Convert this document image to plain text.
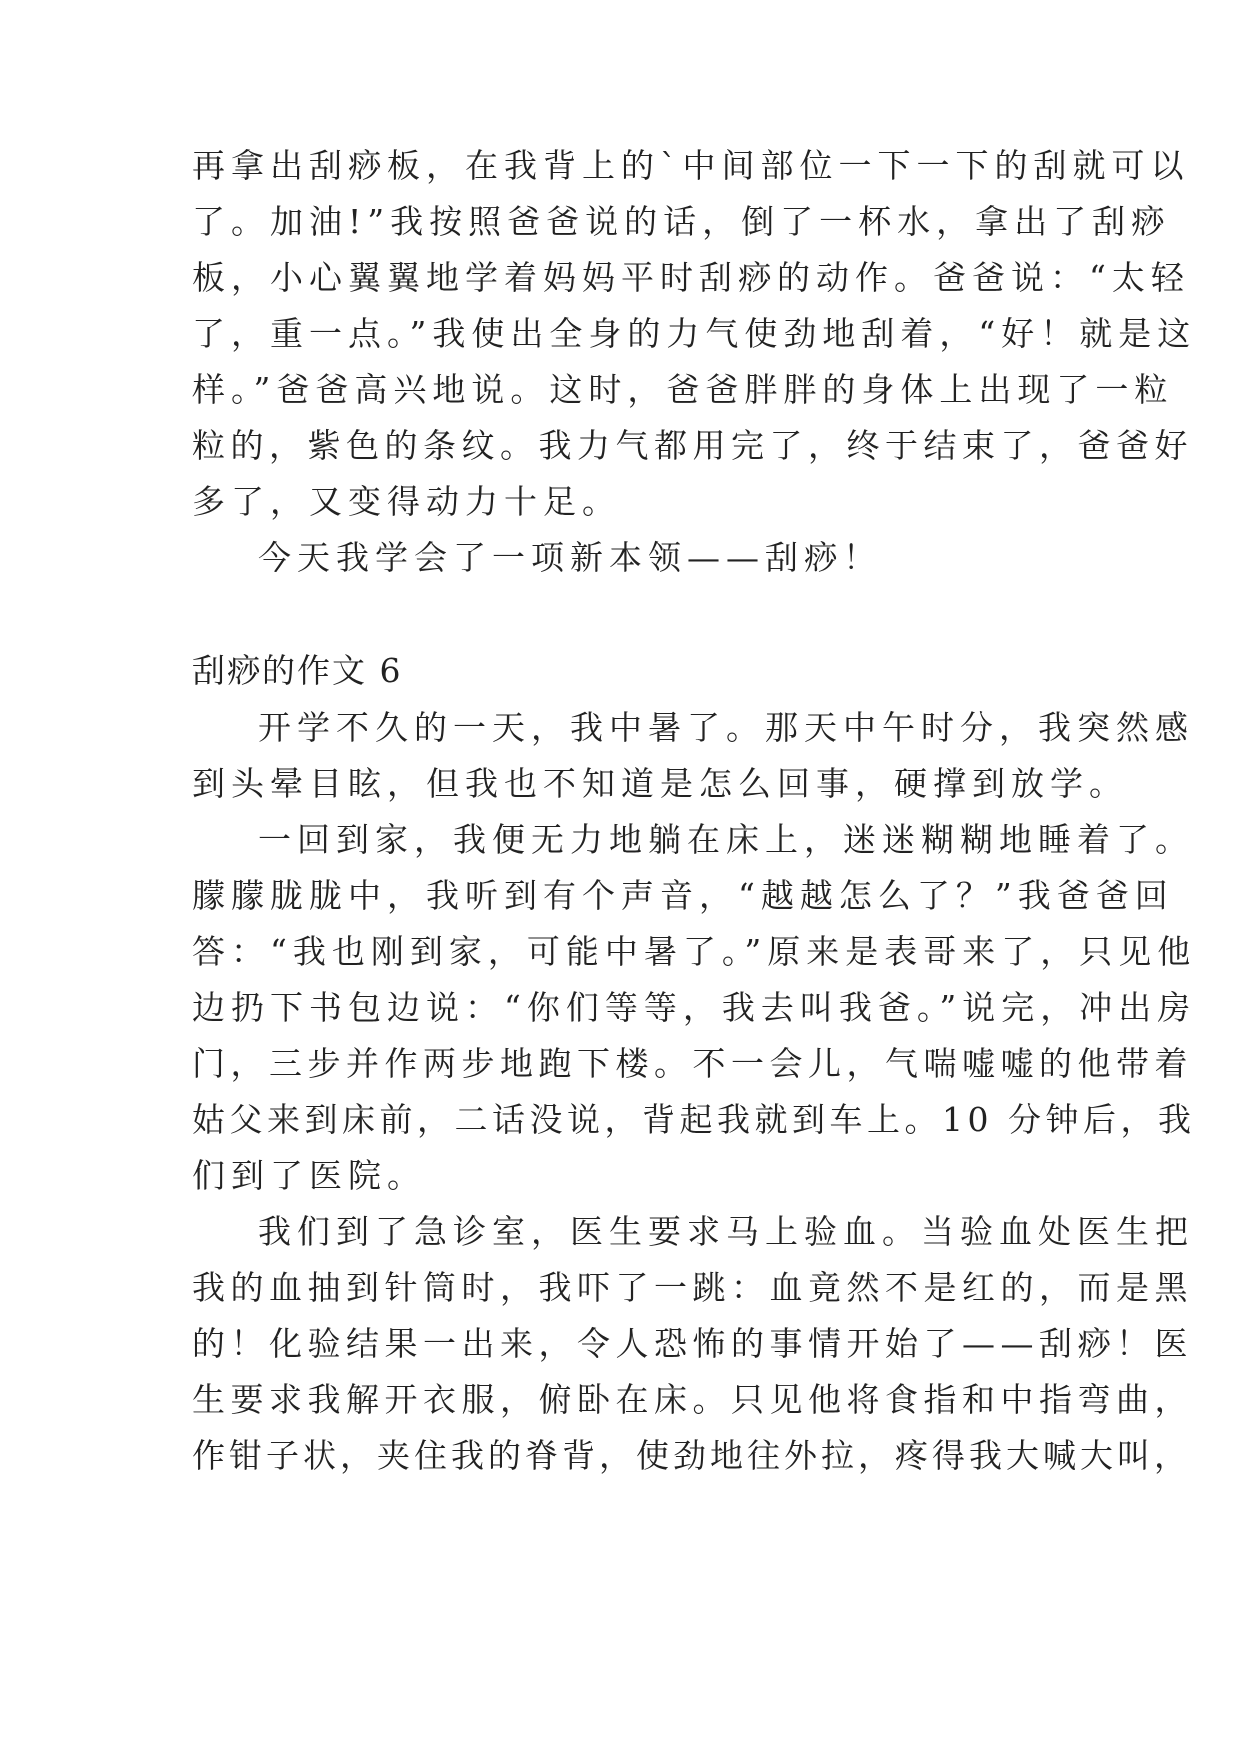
再拿出刮痧板，在我背上的`中间部位一下一下的刮就可以
了。加油!”我按照爸爸说的话，倒了一杯水，拿出了刮痧
板，小心翼翼地学着妈妈平时刮痧的动作。爸爸说：“太轻
了，重一点。”我使出全身的力气使劲地刮着，“好！就是这
样。”爸爸高兴地说。这时，爸爸胖胖的身体上出现了一粒
粒的，紫色的条纹。我力气都用完了，终于结束了，爸爸好
多了，又变得动力十足。
今天我学会了一项新本领——刮痧！
刮痧的作文 6
开学不久的一天，我中暑了。那天中午时分，我突然感
到头晕目眩，但我也不知道是怎么回事，硬撑到放学。
一回到家，我便无力地躺在床上，迷迷糊糊地睡着了。
朦朦胧胧中，我听到有个声音，“越越怎么了？”我爸爸回
答：“我也刚到家，可能中暑了。”原来是表哥来了，只见他
边扔下书包边说：“你们等等，我去叫我爸。”说完，冲出房
门，三步并作两步地跑下楼。不一会儿，气喘嘘嘘的他带着
姑父来到床前，二话没说，背起我就到车上。10 分钟后，我
们到了医院。
我们到了急诊室，医生要求马上验血。当验血处医生把
我的血抽到针筒时，我吓了一跳：血竟然不是红的，而是黑
的！化验结果一出来，令人恐怖的事情开始了——刮痧！医
生要求我解开衣服，俯卧在床。只见他将食指和中指弯曲，
作钳子状，夹住我的脊背，使劲地往外拉，疼得我大喊大叫，
